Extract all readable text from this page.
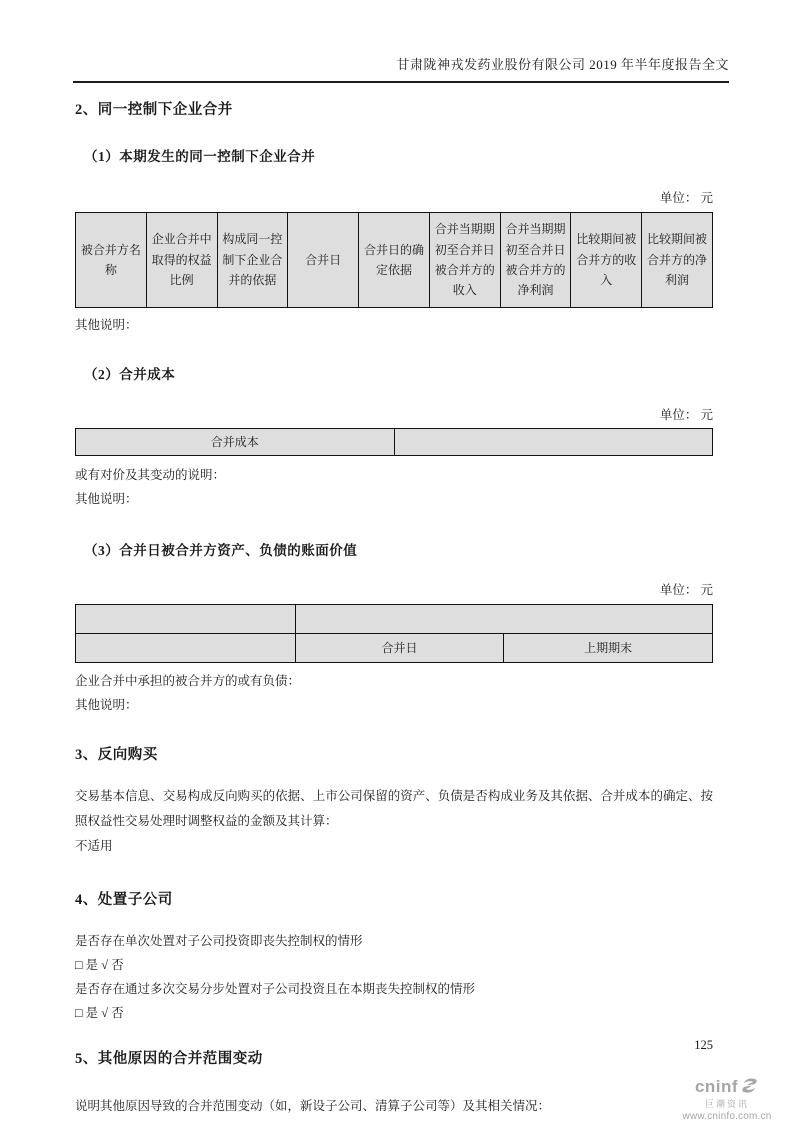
甘肃陇神戎发药业股份有限公司 2019 年半年度报告全文
2、同一控制下企业合并
（1）本期发生的同一控制下企业合并
单位： 元
被合并方名称	企业合并中取得的权益比例	构成同一控制下企业合并的依据	合并日	合并日的确定依据	合并当期期初至合并日被合并方的收入	合并当期期初至合并日被合并方的净利润	比较期间被合并方的收入	比较期间被合并方的净利润
其他说明：
（2）合并成本
单位： 元
合并成本	
或有对价及其变动的说明：
其他说明：
（3）合并日被合并方资产、负债的账面价值
单位： 元

	合并日	上期期末
企业合并中承担的被合并方的或有负债：
其他说明：
3、反向购买
交易基本信息、交易构成反向购买的依据、上市公司保留的资产、负债是否构成业务及其依据、合并成本的确定、按照权益性交易处理时调整权益的金额及其计算：
不适用
4、处置子公司
是否存在单次处置对子公司投资即丧失控制权的情形
□ 是 √ 否
是否存在通过多次交易分步处置对子公司投资且在本期丧失控制权的情形
□ 是 √ 否
5、其他原因的合并范围变动
说明其他原因导致的合并范围变动（如，新设子公司、清算子公司等）及其相关情况：
125
cninf
巨潮资讯
www.cninfo.com.cn
